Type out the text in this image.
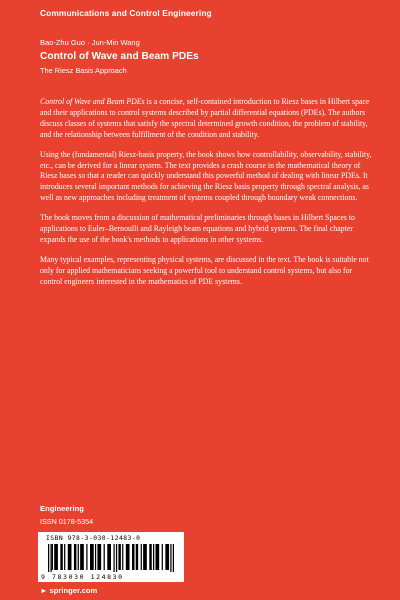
Communications and Control Engineering
Bao-Zhu Guo · Jun-Min Wang
Control of Wave and Beam PDEs
The Riesz Basis Approach

Control of Wave and Beam PDEs is a concise, self-contained introduction to Riesz bases in Hilbert space and their applications to control systems described by partial differential equations (PDEs). The authors discuss classes of systems that satisfy the spectral determined growth condition, the problem of stability, and the relationship between fulfillment of the condition and stability.

Using the (fundamental) Riesz-basis property, the book shows how controllability, observability, stability, etc., can be derived for a linear system. The text provides a crash course in the mathematical theory of Riesz bases so that a reader can quickly understand this powerful method of dealing with linear PDEs. It introduces several important methods for achieving the Riesz basis property through spectral analysis, as well as new approaches including treatment of systems coupled through boundary weak connections.

The book moves from a discussion of mathematical preliminaries through bases in Hilbert Spaces to applications to Euler–Bernoulli and Rayleigh beam equations and hybrid systems. The final chapter expands the use of the book's methods to applications in other systems.

Many typical examples, representing physical systems, are discussed in the text. The book is suitable not only for applied mathematicians seeking a powerful tool to understand control systems, but also for control engineers interested in the mathematics of PDE systems.

Engineering
ISSN 0178-5354
ISBN 978-3-030-12483-0
9 783030 124830
► springer.com
